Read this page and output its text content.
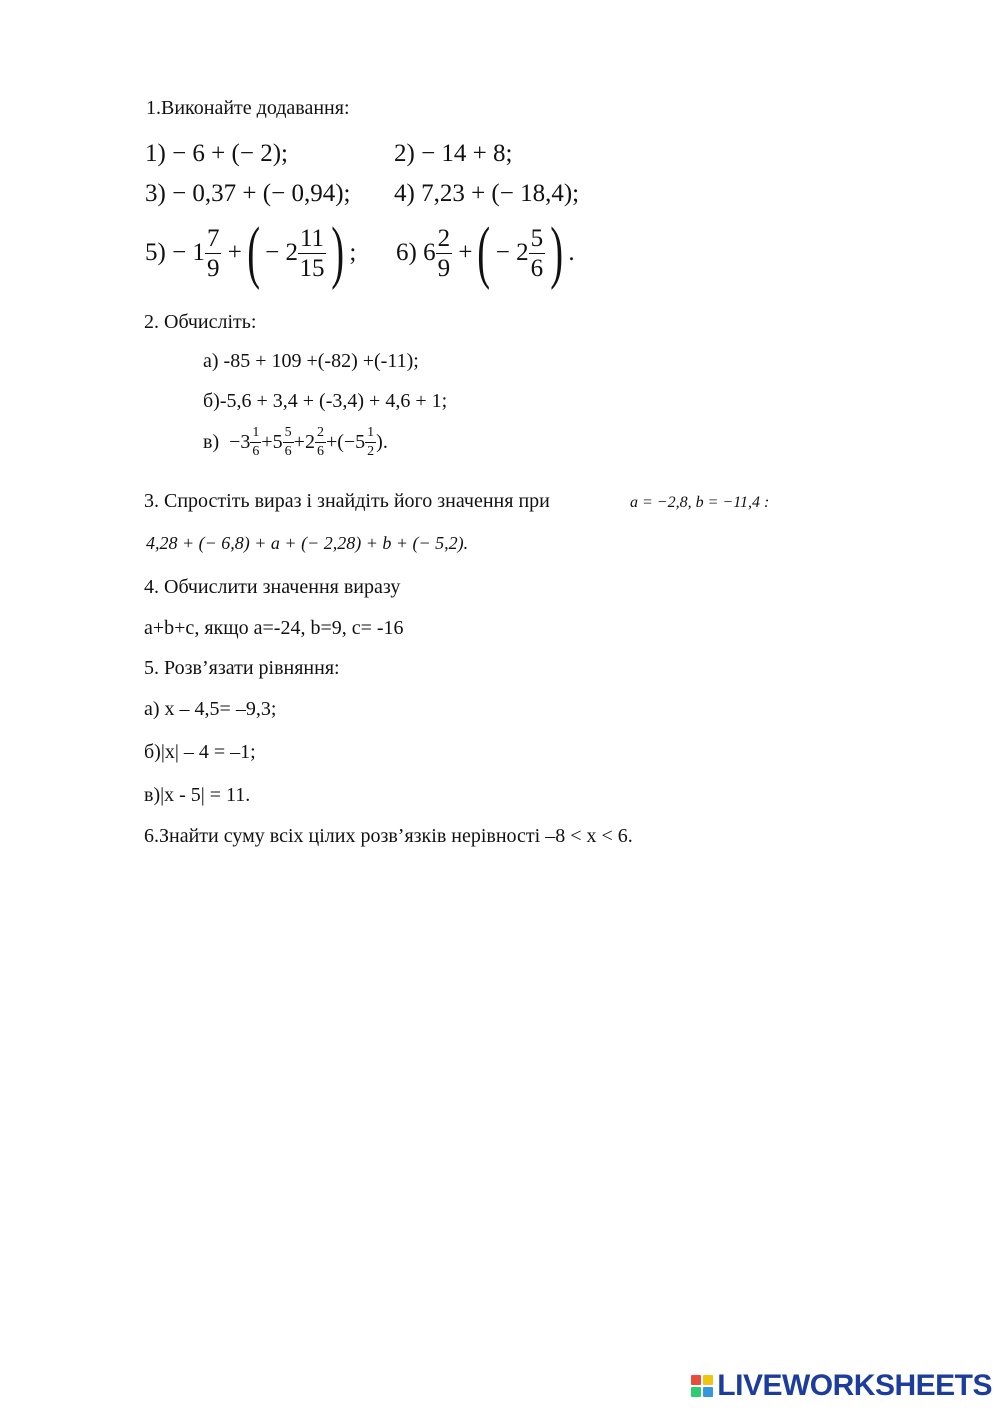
1.Виконайте додавання:
1) − 6 + (− 2);	2) − 14 + 8;
3) − 0,37 + (− 0,94); 4) 7,23 + (− 18,4);
5)
− $1 \frac{7}{9}$
+ ( − $2 \frac{11}{15}$ ) ; 6)
$6 \frac{2}{9}$
+ ( − $2 \frac{5}{6}$ ) .
2. Обчисліть:
а) -85 + 109 +(-82) +(-11);
б)-5,6 + 3,4 + (-3,4) + 4,6 + 1;
в)
$-3 \frac{1}{6} +5 \frac{5}{6} +2 \frac{2}{6} +(-5 \frac{1}{2}$ ).
3. Спростіть вираз і знайдіть його значення при	a = −2,8, b = −11,4 :
4,28 + (− 6,8) + a + (− 2,28) + b + (− 5,2).
4. Обчислити значення виразу
a+b+c, якщо a=-24, b=9, c= -16
5. Розв’язати рівняння:
а) x – 4,5= –9,3;
б)|x| – 4 = –1;
в)|x - 5| = 11.
6.Знайти суму всіх цілих розв’язків нерівності –8 < x < 6.
LIVEWORKSHEETS
